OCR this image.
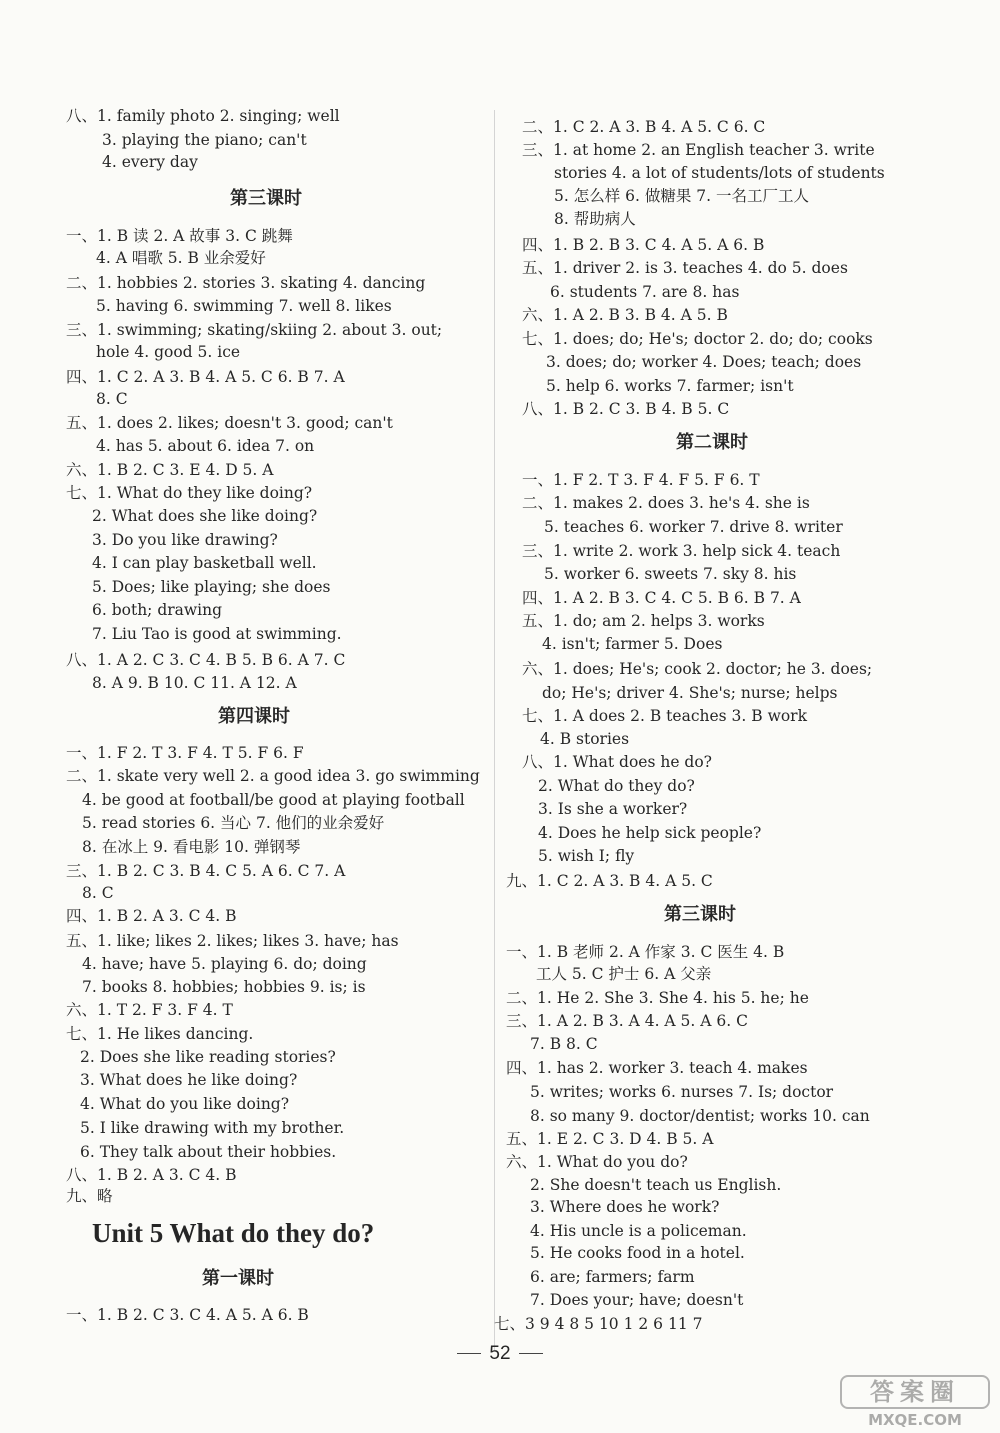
八、1. family photo 2. singing; well
3. playing the piano; can't
4. every day
第三课时
一、1. B 读 2. A 故事 3. C 跳舞
4. A 唱歌 5. B 业余爱好
二、1. hobbies 2. stories 3. skating 4. dancing
5. having 6. swimming 7. well 8. likes
三、1. swimming; skating/skiing 2. about 3. out;
hole 4. good 5. ice
四、1. C 2. A 3. B 4. A 5. C 6. B 7. A
8. C
五、1. does 2. likes; doesn't 3. good; can't
4. has 5. about 6. idea 7. on
六、1. B 2. C 3. E 4. D 5. A
七、1. What do they like doing?
2. What does she like doing?
3. Do you like drawing?
4. I can play basketball well.
5. Does; like playing; she does
6. both; drawing
7. Liu Tao is good at swimming.
八、1. A 2. C 3. C 4. B 5. B 6. A 7. C
8. A 9. B 10. C 11. A 12. A
第四课时
一、1. F 2. T 3. F 4. T 5. F 6. F
二、1. skate very well 2. a good idea 3. go swimming
4. be good at football/be good at playing football
5. read stories 6. 当心 7. 他们的业余爱好
8. 在冰上 9. 看电影 10. 弹钢琴
三、1. B 2. C 3. B 4. C 5. A 6. C 7. A
8. C
四、1. B 2. A 3. C 4. B
五、1. like; likes 2. likes; likes 3. have; has
4. have; have 5. playing 6. do; doing
7. books 8. hobbies; hobbies 9. is; is
六、1. T 2. F 3. F 4. T
七、1. He likes dancing.
2. Does she like reading stories?
3. What does he like doing?
4. What do you like doing?
5. I like drawing with my brother.
6. They talk about their hobbies.
八、1. B 2. A 3. C 4. B
九、略
Unit 5 What do they do?
第一课时
一、1. B 2. C 3. C 4. A 5. A 6. B
二、1. C 2. A 3. B 4. A 5. C 6. C
三、1. at home 2. an English teacher 3. write
stories 4. a lot of students/lots of students
5. 怎么样 6. 做糖果 7. 一名工厂工人
8. 帮助病人
四、1. B 2. B 3. C 4. A 5. A 6. B
五、1. driver 2. is 3. teaches 4. do 5. does
6. students 7. are 8. has
六、1. A 2. B 3. B 4. A 5. B
七、1. does; do; He's; doctor 2. do; do; cooks
3. does; do; worker 4. Does; teach; does
5. help 6. works 7. farmer; isn't
八、1. B 2. C 3. B 4. B 5. C
第二课时
一、1. F 2. T 3. F 4. F 5. F 6. T
二、1. makes 2. does 3. he's 4. she is
5. teaches 6. worker 7. drive 8. writer
三、1. write 2. work 3. help sick 4. teach
5. worker 6. sweets 7. sky 8. his
四、1. A 2. B 3. C 4. C 5. B 6. B 7. A
五、1. do; am 2. helps 3. works
4. isn't; farmer 5. Does
六、1. does; He's; cook 2. doctor; he 3. does;
do; He's; driver 4. She's; nurse; helps
七、1. A does 2. B teaches 3. B work
4. B stories
八、1. What does he do?
2. What do they do?
3. Is she a worker?
4. Does he help sick people?
5. wish I; fly
九、1. C 2. A 3. B 4. A 5. C
第三课时
一、1. B 老师 2. A 作家 3. C 医生 4. B
工人 5. C 护士 6. A 父亲
二、1. He 2. She 3. She 4. his 5. he; he
三、1. A 2. B 3. A 4. A 5. A 6. C
7. B 8. C
四、1. has 2. worker 3. teach 4. makes
5. writes; works 6. nurses 7. Is; doctor
8. so many 9. doctor/dentist; works 10. can
五、1. E 2. C 3. D 4. B 5. A
六、1. What do you do?
2. She doesn't teach us English.
3. Where does he work?
4. His uncle is a policeman.
5. He cooks food in a hotel.
6. are; farmers; farm
7. Does your; have; doesn't
七、3 9 4 8 5 10 1 2 6 11 7
52
答案圈
MXQE.COM
